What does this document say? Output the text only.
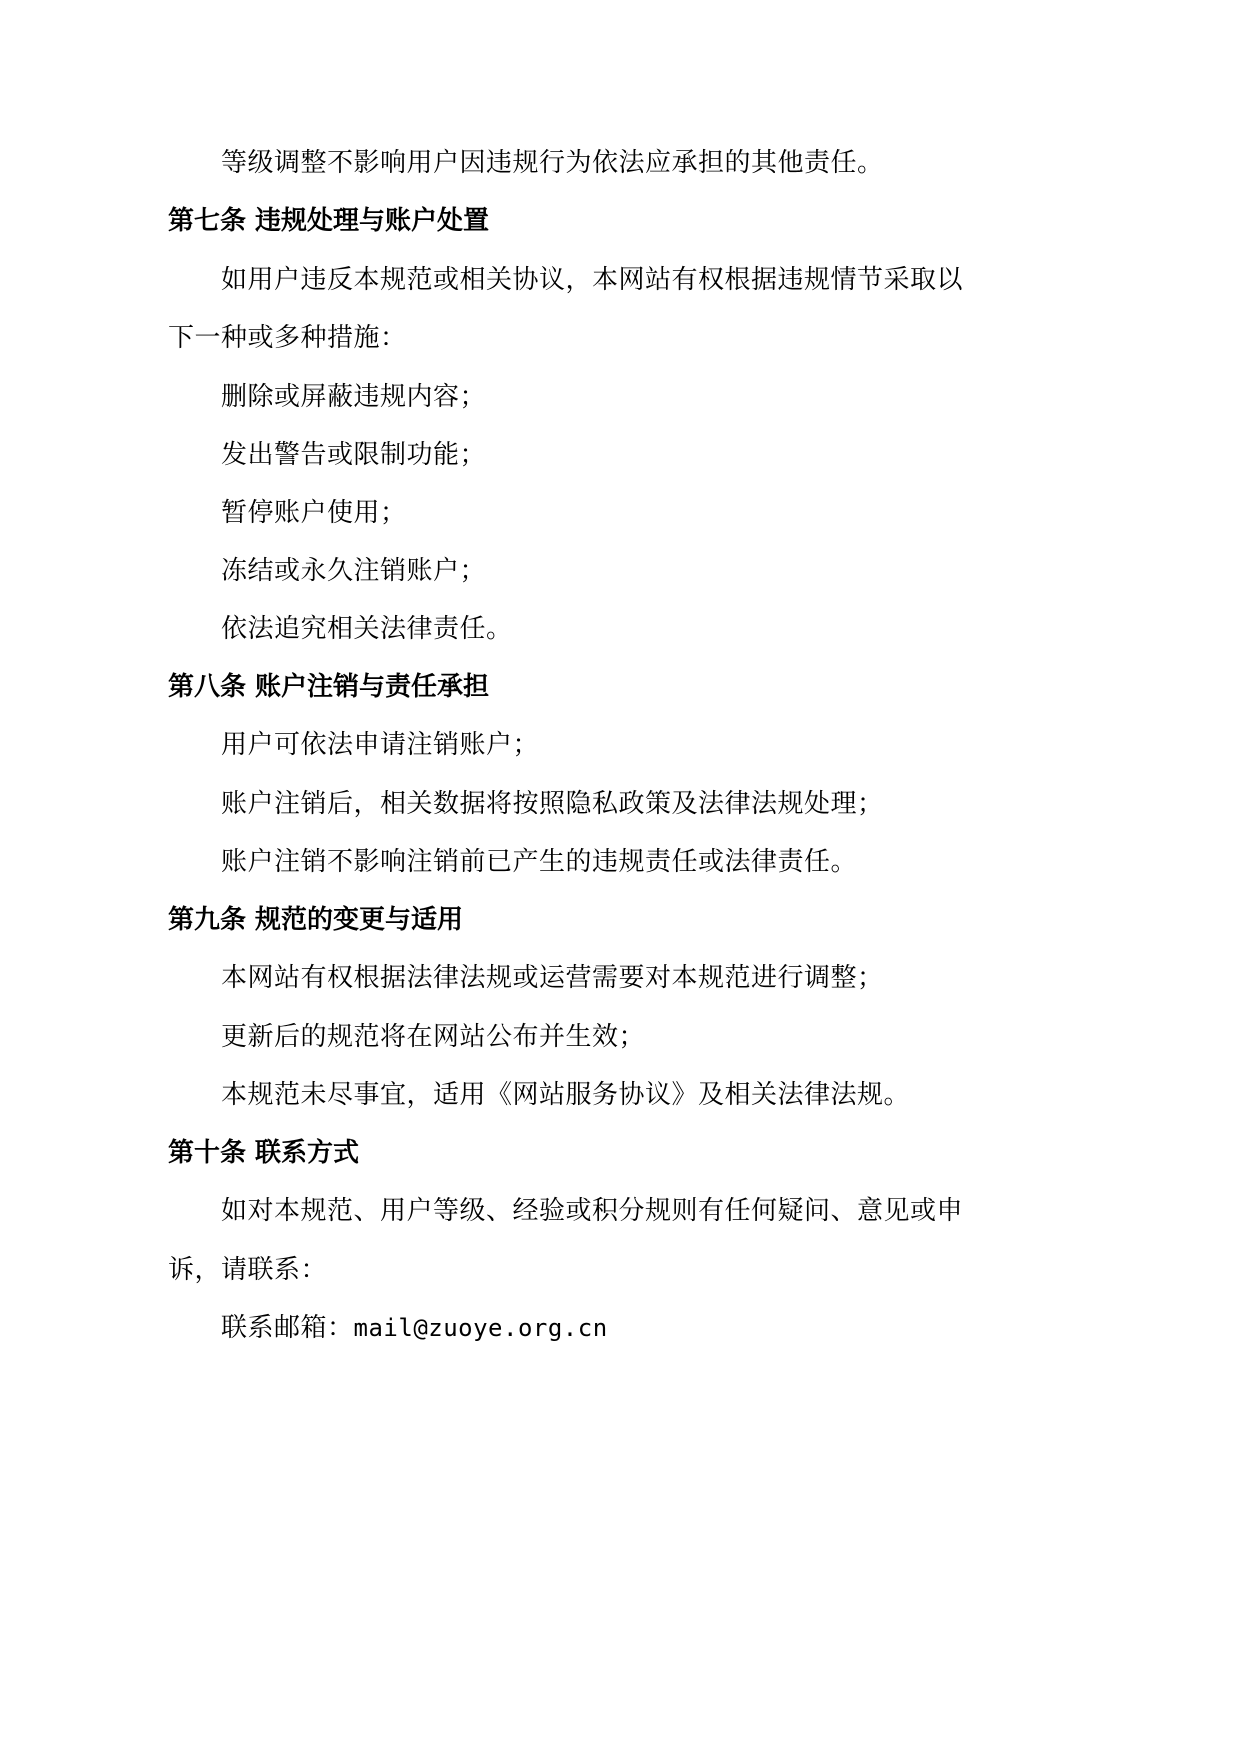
等级调整不影响用户因违规行为依法应承担的其他责任。
第七条 违规处理与账户处置
如用户违反本规范或相关协议，本网站有权根据违规情节采取以
下一种或多种措施：
删除或屏蔽违规内容；
发出警告或限制功能；
暂停账户使用；
冻结或永久注销账户；
依法追究相关法律责任。
第八条 账户注销与责任承担
用户可依法申请注销账户；
账户注销后，相关数据将按照隐私政策及法律法规处理；
账户注销不影响注销前已产生的违规责任或法律责任。
第九条 规范的变更与适用
本网站有权根据法律法规或运营需要对本规范进行调整；
更新后的规范将在网站公布并生效；
本规范未尽事宜，适用《网站服务协议》及相关法律法规。
第十条 联系方式
如对本规范、用户等级、经验或积分规则有任何疑问、意见或申
诉，请联系：
联系邮箱：mail@zuoye.org.cn
